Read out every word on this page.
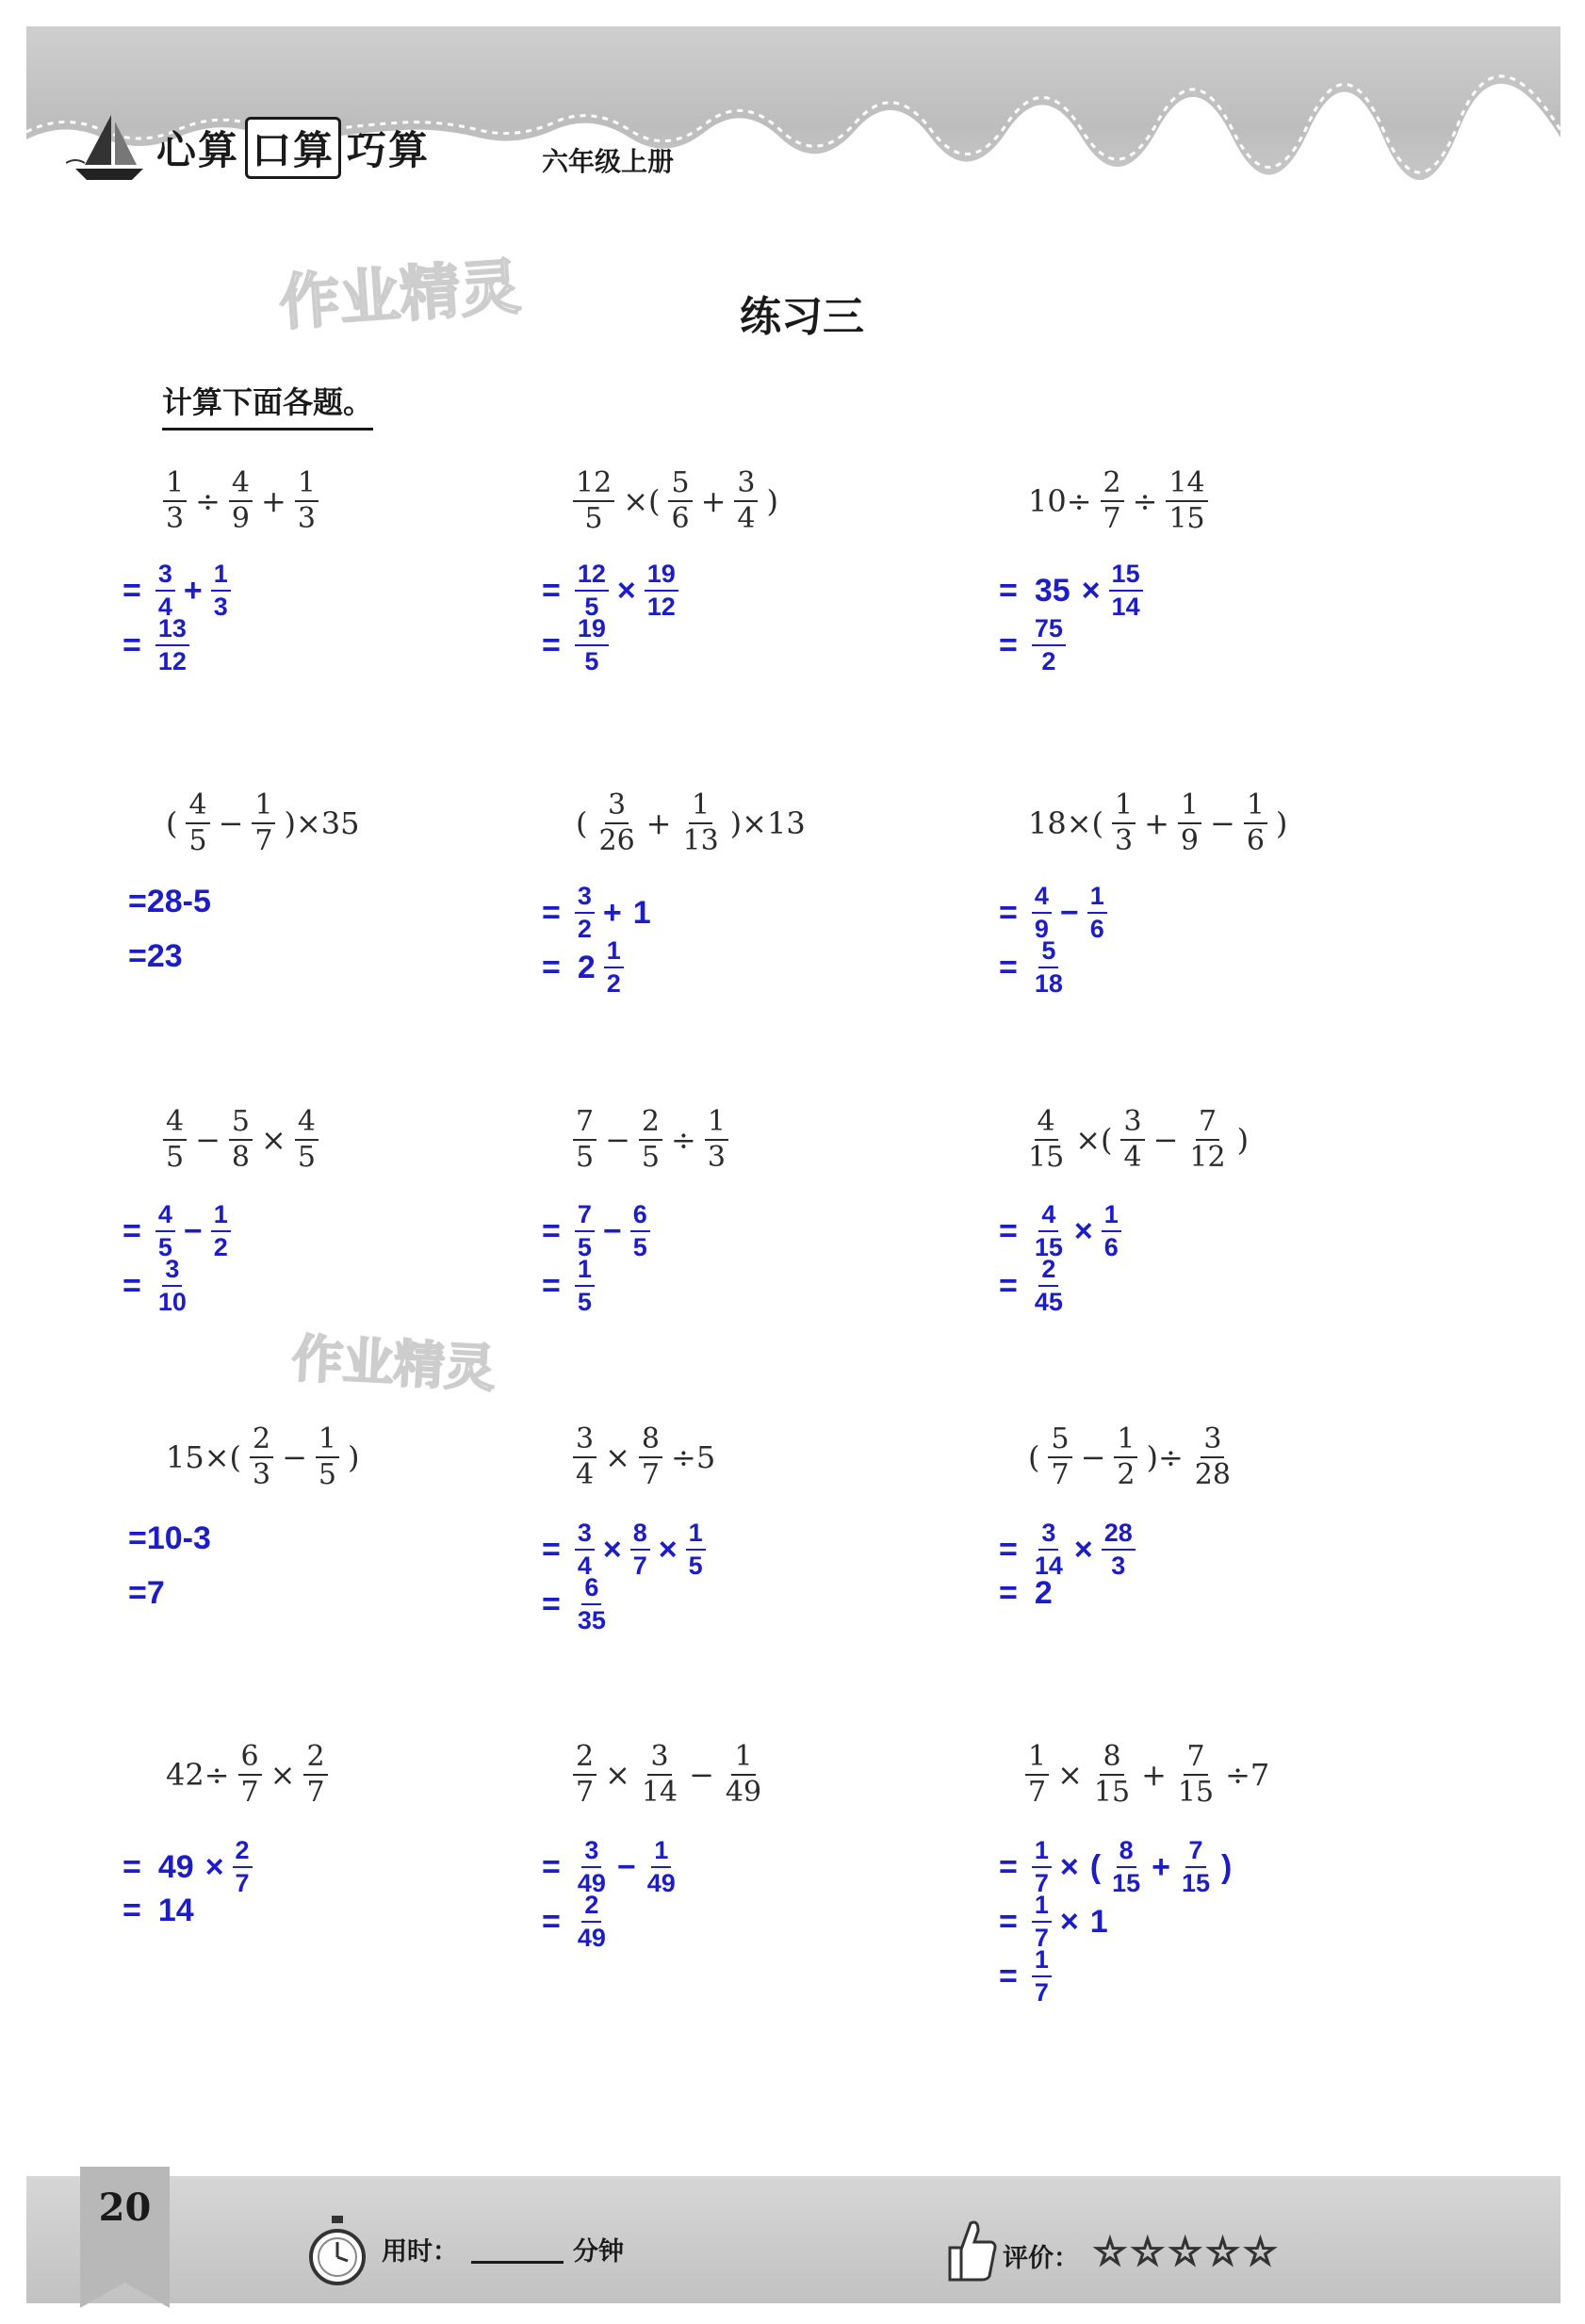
心算 口算 巧算	六年级上册
作业精灵
作业精灵
练习三
计算下面各题。
$\frac{1}{3} \div \frac{4}{9} + \frac{1}{3}$	$\frac{12}{5}$ ×(
5
$6 + \frac{3}{4}$ )	$10\div \frac{2}{7} \div \frac{14}{15}$
(
4
$5 - \frac{1}{7} )\times 35$	(
3
$26 + \frac{1}{13} )\times 13$	18×(
1
$3 + \frac{1}{9} - \frac{1}{6}$ )
4
$5 - \frac{5}{8} \times \frac{4}{5}$	7
$5 - \frac{2}{5} \div \frac{1}{3}$	$\frac{4}{15}$ ×(
3
$4 - \frac{7}{12}$ )
15×(
2
$3 - \frac{1}{5}$ )	$\frac{3}{4} \times \frac{8}{7} \div 5$	(
5
$7 - \frac{1}{2}$ )÷ $\frac{3}{28}$
$42\div \frac{6}{7} \times \frac{2}{7}$	$\frac{2}{7} \times \frac{3}{14} - \frac{1}{49}$	$\frac{1}{7} \times \frac{8}{15} + \frac{7}{15} \div 7$
= $\frac{3}{4} + \frac{1}{3}$
= $\frac{13}{12}$
= $\frac{12}{5} \times \frac{19}{12}$
= $\frac{19}{5}$
= $35 \times \frac{15}{14}$
= $\frac{75}{2}$
=28-5
=23
= $\frac{3}{2} + 1$
= 2 1
2
= $\frac{4}{9} - \frac{1}{6}$
= $\frac{5}{18}$
= $\frac{4}{5} - \frac{1}{2}$
= $\frac{3}{10}$
= $\frac{7}{5} - \frac{6}{5}$
= $\frac{1}{5}$
= $\frac{4}{15} \times \frac{1}{6}$
= $\frac{2}{45}$
=10-3
=7
= $\frac{3}{4} \times \frac{8}{7} \times \frac{1}{5}$
= $\frac{6}{35}$
= $\frac{3}{14} \times \frac{28}{3}$
= 2
= $49 \times \frac{2}{7}$
= 14
= $\frac{3}{49} - \frac{1}{49}$
= $\frac{2}{49}$
= $\frac{1}{7}$ × ( 8
$15 + \frac{7}{15}$ )
= $\frac{1}{7} \times 1$
= $\frac{1}{7}$
20
用时：	分钟	评价： ☆☆☆☆☆
